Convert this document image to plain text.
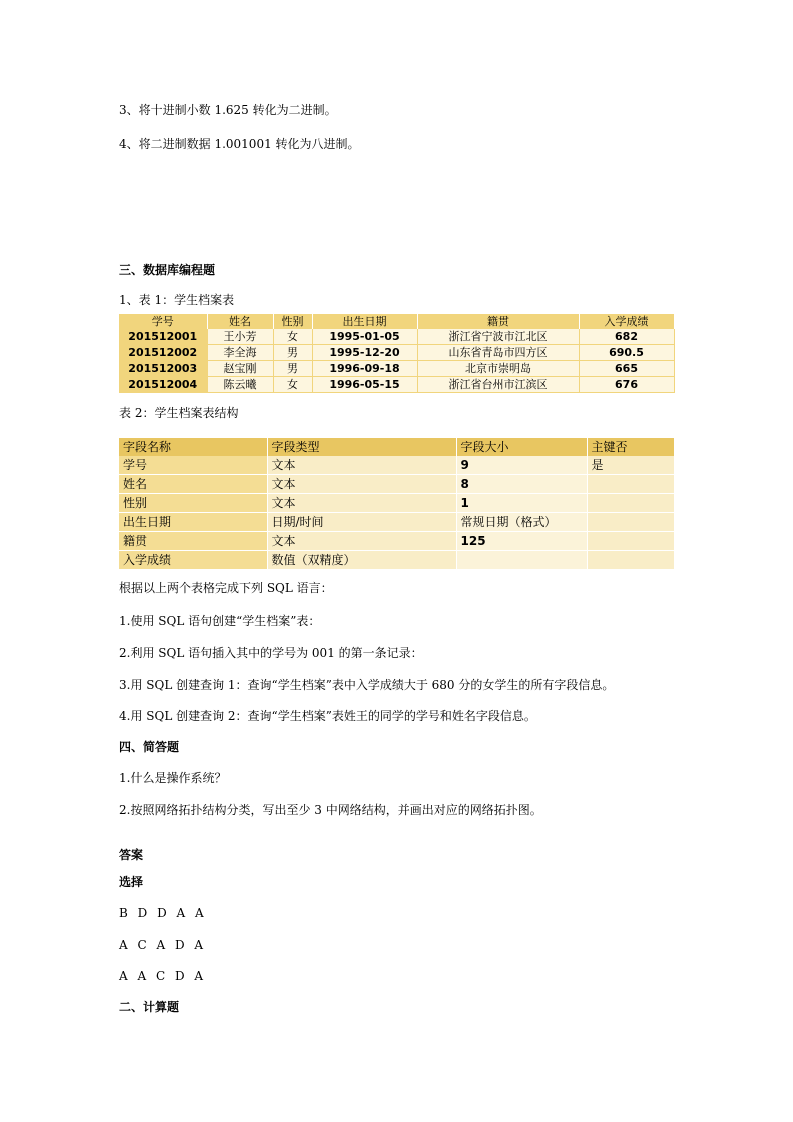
3、将十进制小数 1.625 转化为二进制。
4、将二进制数据 1.001001 转化为八进制。
三、数据库编程题
1、表 1：学生档案表
学号	姓名	性别	出生日期	籍贯	入学成绩
201512001	王小芳	女	1995-01-05	浙江省宁波市江北区	682
201512002	李全海	男	1995-12-20	山东省青岛市四方区	690.5
201512003	赵宝刚	男	1996-09-18	北京市崇明岛	665
201512004	陈云曦	女	1996-05-15	浙江省台州市江滨区	676
表 2：学生档案表结构
字段名称	字段类型	字段大小	主键否
学号	文本	9	是
姓名	文本	8	
性别	文本	1	
出生日期	日期/时间	常规日期（格式）	
籍贯	文本	125	
入学成绩	数值（双精度）		
根据以上两个表格完成下列 SQL 语言：
1.使用 SQL 语句创建“学生档案”表：
2.利用 SQL 语句插入其中的学号为 001 的第一条记录：
3.用 SQL 创建查询 1：查询“学生档案”表中入学成绩大于 680 分的女学生的所有字段信息。
4.用 SQL 创建查询 2：查询“学生档案”表姓王的同学的学号和姓名字段信息。
四、简答题
1.什么是操作系统？
2.按照网络拓扑结构分类，写出至少 3 中网络结构，并画出对应的网络拓扑图。
答案
选择
B D D A A
A C A D A
A A C D A
二、计算题
